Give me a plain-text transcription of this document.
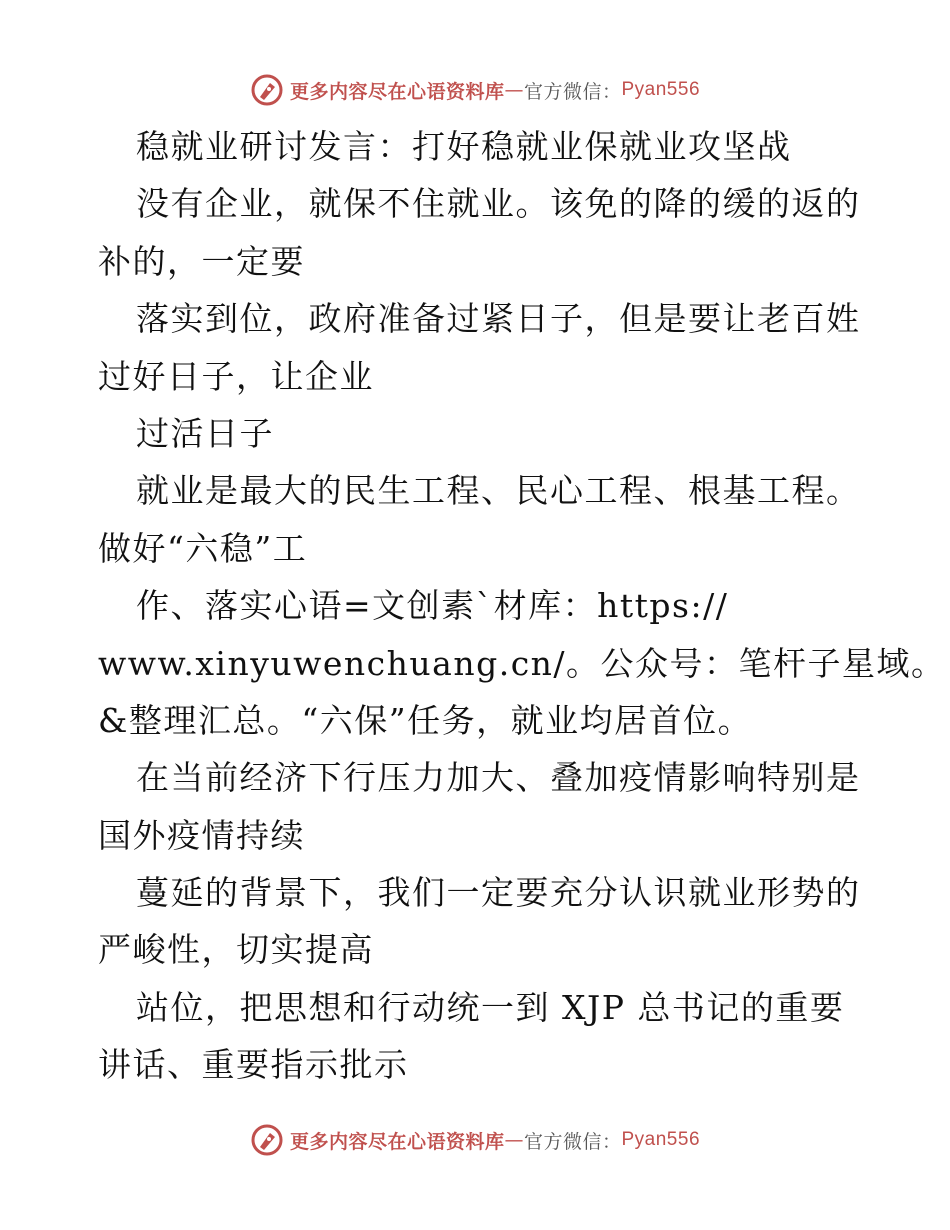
更多内容尽在心语资料库 — 官方微信： Pyan556
稳就业研讨发言：打好稳就业保就业攻坚战
没有企业，就保不住就业。该免的降的缓的返的
补的，一定要
落实到位，政府准备过紧日子，但是要让老百姓
过好日子，让企业
过活日子
就业是最大的民生工程、民心工程、根基工程。
做好“六稳”工
作、落实心语=文创素`材库：https://
www.xinyuwenchuang.cn/。公众号：笔杆子星域。
&整理汇总。“六保”任务，就业均居首位。
在当前经济下行压力加大、叠加疫情影响特别是
国外疫情持续
蔓延的背景下，我们一定要充分认识就业形势的
严峻性，切实提高
站位，把思想和行动统一到 XJP 总书记的重要
讲话、重要指示批示
更多内容尽在心语资料库 — 官方微信： Pyan556
